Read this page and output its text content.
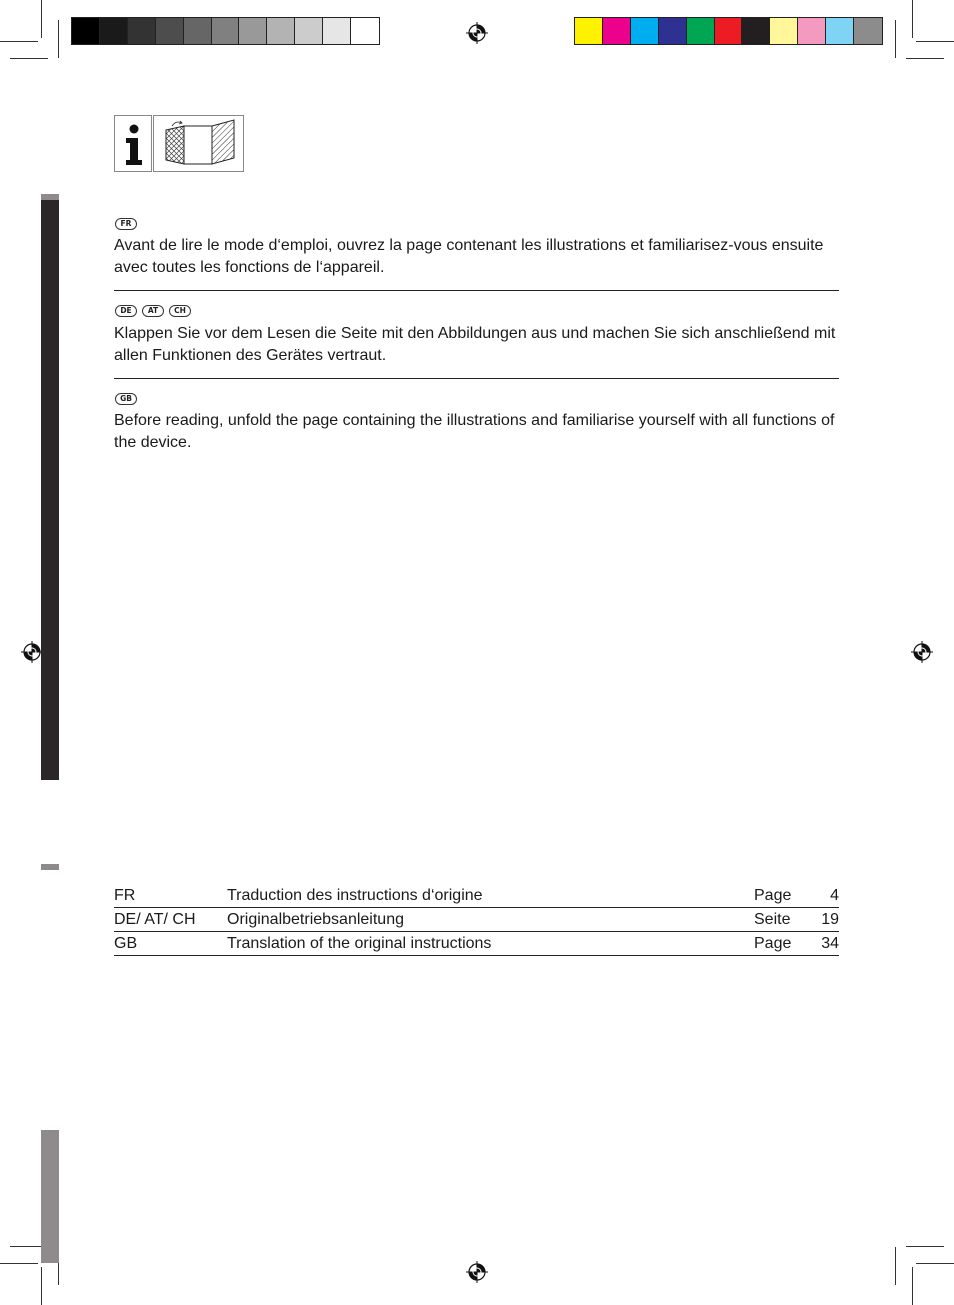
FR

Avant de lire le mode d‘emploi, ouvrez la page contenant les illustrations et familiarisez-vous ensuite avec toutes les fonctions de l‘appareil.

DE	AT	CH

Klappen Sie vor dem Lesen die Seite mit den Abbildungen aus und machen Sie sich anschließend mit allen Funktionen des Gerätes vertraut.

GB

Before reading, unfold the page containing the illustrations and familiarise yourself with all functions of the device.

FR	Traduction des instructions d‘origine	Page	4
DE/ AT/ CH	Originalbetriebsanleitung	Seite	19
GB	Translation of the original instructions	Page	34
